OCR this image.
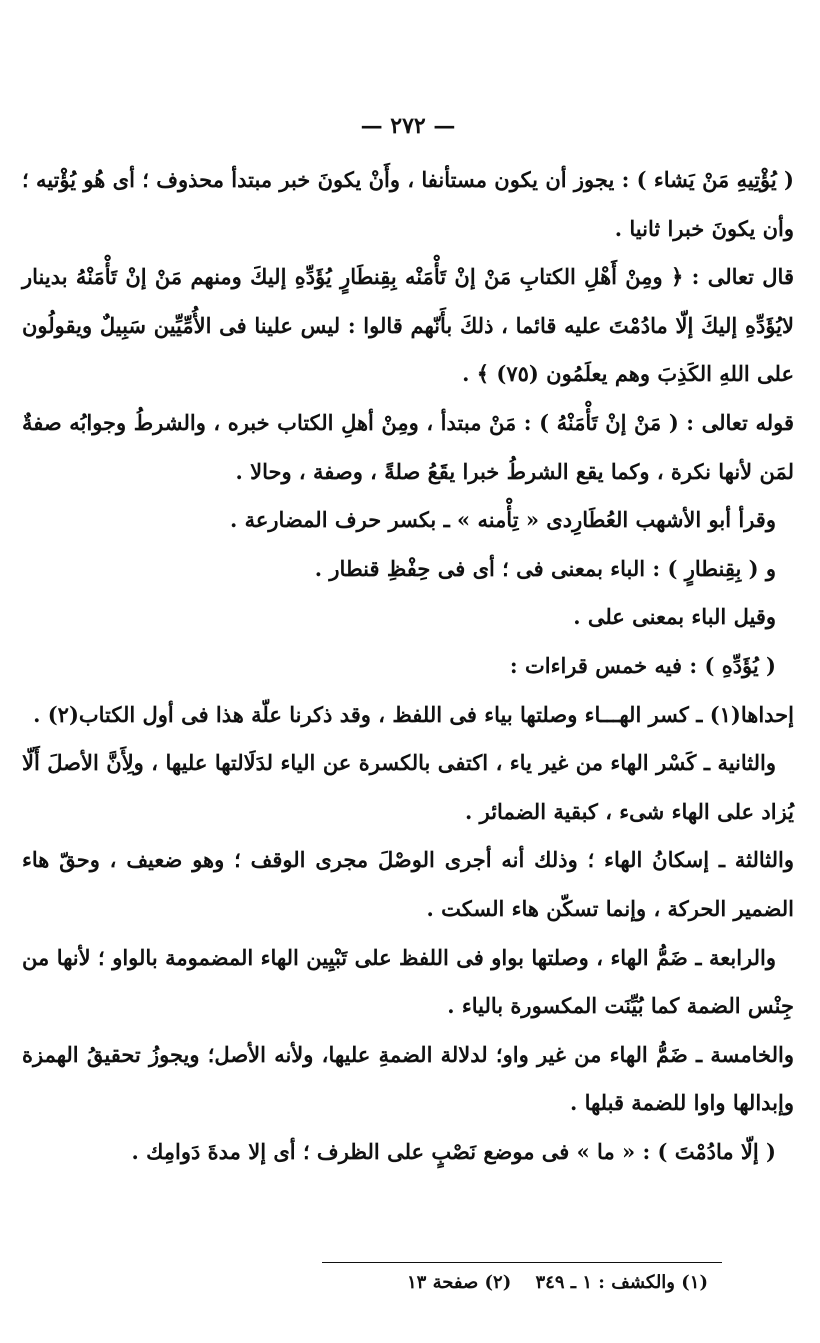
— ٢٧٢ —

( يُؤْتِيهِ مَنْ يَشاء ) : يجوز أن يكون مستأنفا ، وأَنْ يكونَ خبر مبتدأ محذوف ؛ أى هُو يُؤْتيه ؛ وأن يكونَ خبرا ثانيا .

قال تعالى : ﴿ ومِنْ أَهْلِ الكتابِ مَنْ إنْ تَأْمَنْه بِقِنطَارٍ يُؤَدِّهِ إليكَ ومنهم مَنْ إنْ تَأْمَنْهُ بدينار لايُؤَدِّهِ إليكَ إلّا مادُمْتَ عليه قائما ، ذلكَ بأَنّهم قالوا : ليس علينا فى الأُمِّيِّين سَبِيلٌ ويقولُون على اللهِ الكَذِبَ وهم يعلَمُون (٧٥) ﴾ .

قوله تعالى : ( مَنْ إنْ تَأْمَنْهُ ) : مَنْ مبتدأ ، ومِنْ أهلِ الكتاب خبره ، والشرطُ وجوابُه صفةٌ لمَن لأنها نكرة ، وكما يقع الشرطُ خبرا يقَعُ صلةً ، وصفة ، وحالا .

وقرأ أبو الأشهب العُطَارِدى « تِأْمنه » ـ بكسر حرف المضارعة .

و ( بِقِنطارٍ ) : الباء بمعنى فى ؛ أى فى حِفْظِ قنطار .

وقيل الباء بمعنى على .

( يُؤَدِّهِ ) : فيه خمس قراءات :

إحداها(١) ـ كسر الهـــاء وصلتها بياء فى اللفظ ، وقد ذكرنا علّة هذا فى أول الكتاب(٢) .

والثانية ـ كَسْر الهاء من غير ياء ، اكتفى بالكسرة عن الياء لدَلَالتها عليها ، ولِأَنَّ الأصلَ أَلّا يُزاد على الهاء شىء ، كبقية الضمائر .

والثالثة ـ إسكانُ الهاء ؛ وذلك أنه أجرى الوصْلَ مجرى الوقف ؛ وهو ضعيف ، وحقّ هاء الضمير الحركة ، وإنما تسكّن هاء السكت .

والرابعة ـ ضَمُّ الهاء ، وصلتها بواو فى اللفظ على تَبْيِين الهاء المضمومة بالواو ؛ لأنها من جِنْس الضمة كما بُيِّنَت المكسورة بالياء .

والخامسة ـ ضَمُّ الهاء من غير واو؛ لدلالة الضمةِ عليها، ولأنه الأصل؛ ويجوزُ تحقيقُ الهمزة وإبدالها واوا للضمة قبلها .

( إلّا مادُمْتَ ) : « ما » فى موضع نَصْبٍ على الظرف ؛ أى إلا مدةَ دَوامِك .

(١) والكشف : ١ ـ ٣٤٩ (٢) صفحة ١٣
